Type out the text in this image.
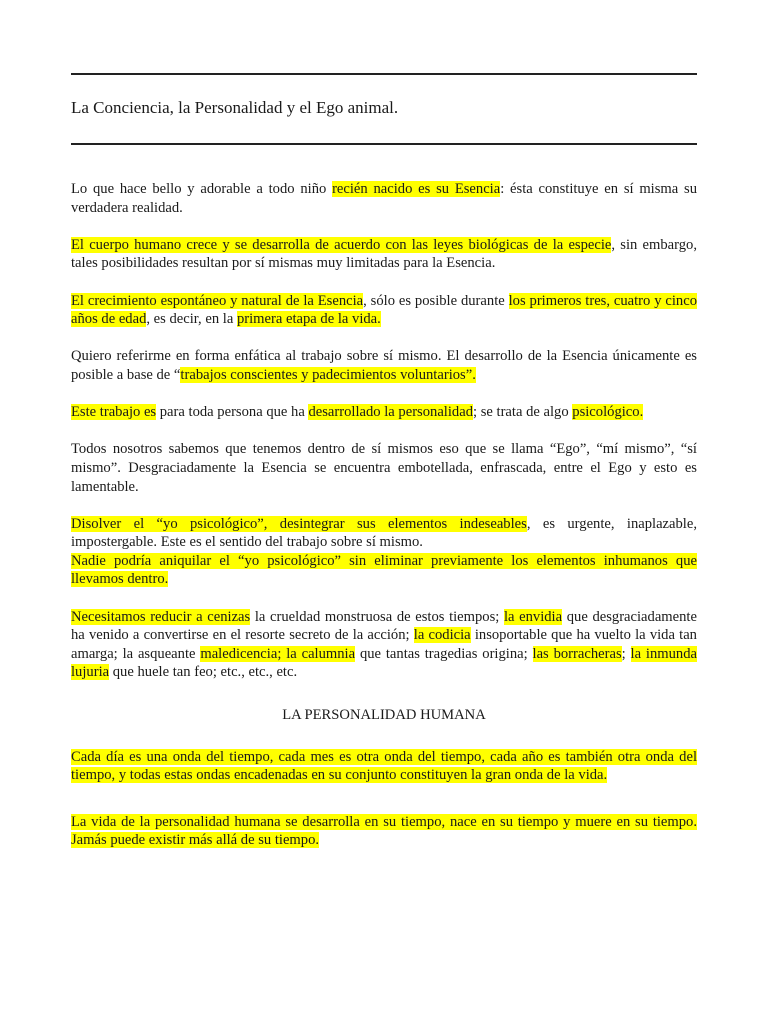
La Conciencia, la Personalidad y el Ego animal.

Lo que hace bello y adorable a todo niño recién nacido es su Esencia: ésta constituye en sí misma su verdadera realidad.

El cuerpo humano crece y se desarrolla de acuerdo con las leyes biológicas de la especie, sin embargo, tales posibilidades resultan por sí mismas muy limitadas para la Esencia.

El crecimiento espontáneo y natural de la Esencia, sólo es posible durante los primeros tres, cuatro y cinco años de edad, es decir, en la primera etapa de la vida.

Quiero referirme en forma enfática al trabajo sobre sí mismo. El desarrollo de la Esencia únicamente es posible a base de “trabajos conscientes y padecimientos voluntarios”.

Este trabajo es para toda persona que ha desarrollado la personalidad; se trata de algo psicológico.

Todos nosotros sabemos que tenemos dentro de sí mismos eso que se llama “Ego”, “mí mismo”, “sí mismo”. Desgraciadamente la Esencia se encuentra embotellada, enfrascada, entre el Ego y esto es lamentable.

Disolver el “yo psicológico”, desintegrar sus elementos indeseables, es urgente, inaplazable, impostergable. Este es el sentido del trabajo sobre sí mismo.

Nadie podría aniquilar el “yo psicológico” sin eliminar previamente los elementos inhumanos que llevamos dentro.

Necesitamos reducir a cenizas la crueldad monstruosa de estos tiempos; la envidia que desgraciadamente ha venido a convertirse en el resorte secreto de la acción; la codicia insoportable que ha vuelto la vida tan amarga; la asqueante maledicencia; la calumnia que tantas tragedias origina; las borracheras; la inmunda lujuria que huele tan feo; etc., etc., etc.

LA PERSONALIDAD HUMANA

Cada día es una onda del tiempo, cada mes es otra onda del tiempo, cada año es también otra onda del tiempo, y todas estas ondas encadenadas en su conjunto constituyen la gran onda de la vida.

La vida de la personalidad humana se desarrolla en su tiempo, nace en su tiempo y muere en su tiempo. Jamás puede existir más allá de su tiempo.
